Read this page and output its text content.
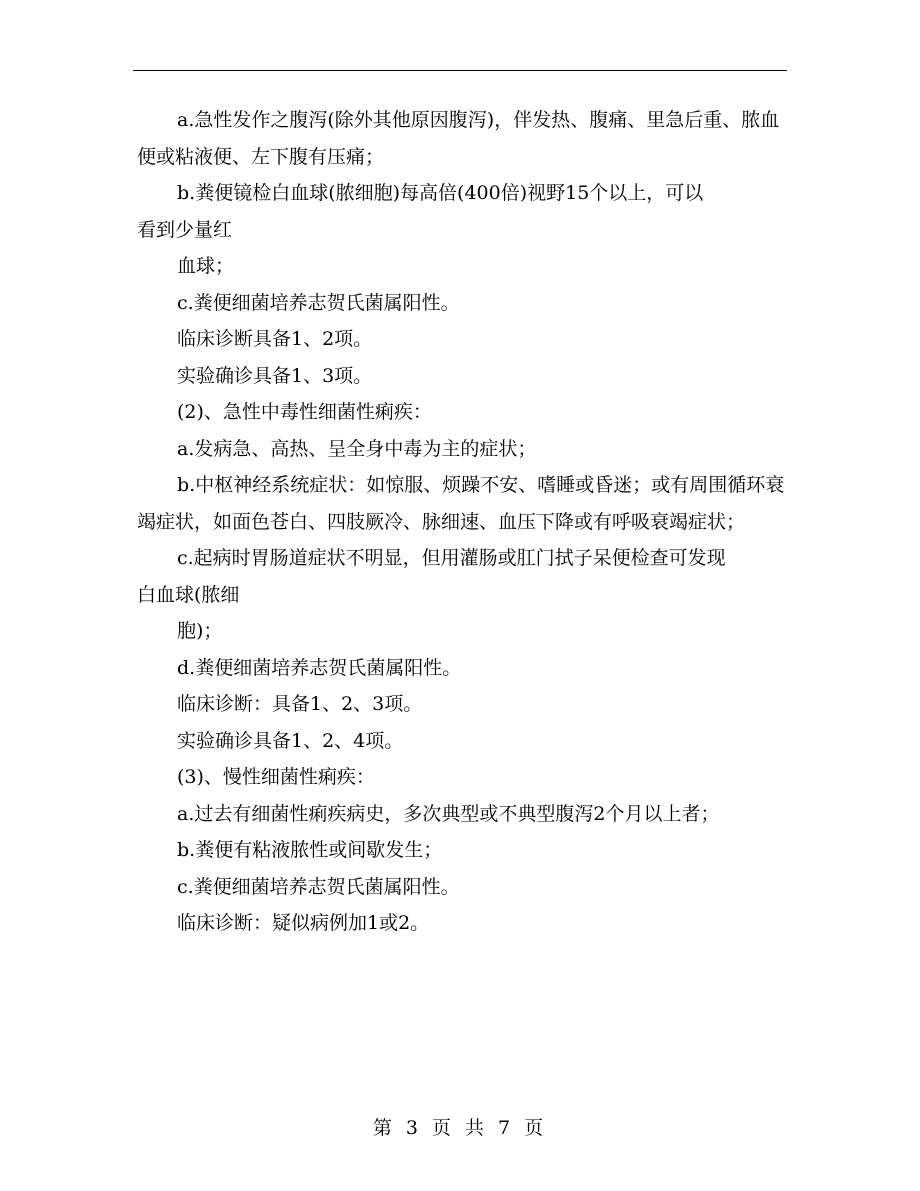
a.急性发作之腹泻(除外其他原因腹泻)，伴发热、腹痛、里急后重、脓血便或粘液便、左下腹有压痛；

b.粪便镜检白血球(脓细胞)每高倍(400倍)视野15个以上，可以

看到少量红

血球；

c.粪便细菌培养志贺氏菌属阳性。

临床诊断具备1、2项。

实验确诊具备1、3项。

(2)、急性中毒性细菌性痢疾：

a.发病急、高热、呈全身中毒为主的症状；

b.中枢神经系统症状：如惊服、烦躁不安、嗜睡或昏迷；或有周围循环衰竭症状，如面色苍白、四肢厥冷、脉细速、血压下降或有呼吸衰竭症状；

c.起病时胃肠道症状不明显，但用灌肠或肛门拭子呆便检查可发现

白血球(脓细

胞)；

d.粪便细菌培养志贺氏菌属阳性。

临床诊断：具备1、2、3项。

实验确诊具备1、2、4项。

(3)、慢性细菌性痢疾：

a.过去有细菌性痢疾病史，多次典型或不典型腹泻2个月以上者；

b.粪便有粘液脓性或间歇发生；

c.粪便细菌培养志贺氏菌属阳性。

临床诊断：疑似病例加1或2。

第 3 页 共 7 页
